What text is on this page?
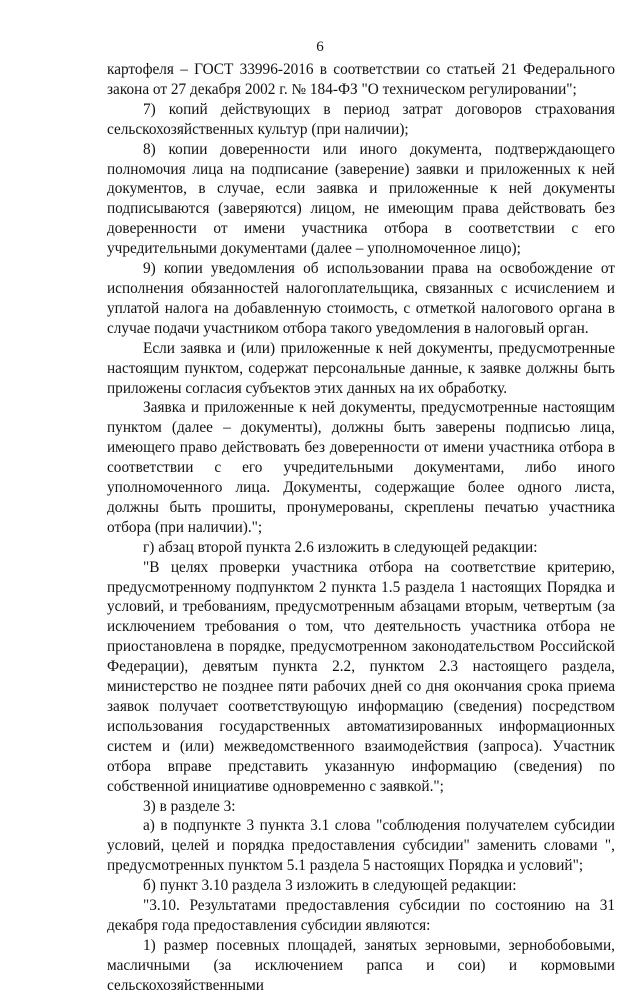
6

картофеля – ГОСТ 33996-2016 в соответствии со статьей 21 Федерального закона от 27 декабря 2002 г. № 184-ФЗ "О техническом регулировании";

7) копий действующих в период затрат договоров страхования сельскохозяйственных культур (при наличии);

8) копии доверенности или иного документа, подтверждающего полномочия лица на подписание (заверение) заявки и приложенных к ней документов, в случае, если заявка и приложенные к ней документы подписываются (заверяются) лицом, не имеющим права действовать без доверенности от имени участника отбора в соответствии с его учредительными документами (далее – уполномоченное лицо);

9) копии уведомления об использовании права на освобождение от исполнения обязанностей налогоплательщика, связанных с исчислением и уплатой налога на добавленную стоимость, с отметкой налогового органа в случае подачи участником отбора такого уведомления в налоговый орган.

Если заявка и (или) приложенные к ней документы, предусмотренные настоящим пунктом, содержат персональные данные, к заявке должны быть приложены согласия субъектов этих данных на их обработку.

Заявка и приложенные к ней документы, предусмотренные настоящим пунктом (далее – документы), должны быть заверены подписью лица, имеющего право действовать без доверенности от имени участника отбора в соответствии с его учредительными документами, либо иного уполномоченного лица. Документы, содержащие более одного листа, должны быть прошиты, пронумерованы, скреплены печатью участника отбора (при наличии).";

г) абзац второй пункта 2.6 изложить в следующей редакции:

"В целях проверки участника отбора на соответствие критерию, предусмотренному подпунктом 2 пункта 1.5 раздела 1 настоящих Порядка и условий, и требованиям, предусмотренным абзацами вторым, четвертым (за исключением требования о том, что деятельность участника отбора не приостановлена в порядке, предусмотренном законодательством Российской Федерации), девятым пункта 2.2, пунктом 2.3 настоящего раздела, министерство не позднее пяти рабочих дней со дня окончания срока приема заявок получает соответствующую информацию (сведения) посредством использования государственных автоматизированных информационных систем и (или) межведомственного взаимодействия (запроса). Участник отбора вправе представить указанную информацию (сведения) по собственной инициативе одновременно с заявкой.";

3) в разделе 3:

а) в подпункте 3 пункта 3.1 слова "соблюдения получателем субсидии условий, целей и порядка предоставления субсидии" заменить словами ", предусмотренных пунктом 5.1 раздела 5 настоящих Порядка и условий";

б) пункт 3.10 раздела 3 изложить в следующей редакции:

"3.10. Результатами предоставления субсидии по состоянию на 31 декабря года предоставления субсидии являются:

1) размер посевных площадей, занятых зерновыми, зернобобовыми, масличными (за исключением рапса и сои) и кормовыми сельскохозяйственными
